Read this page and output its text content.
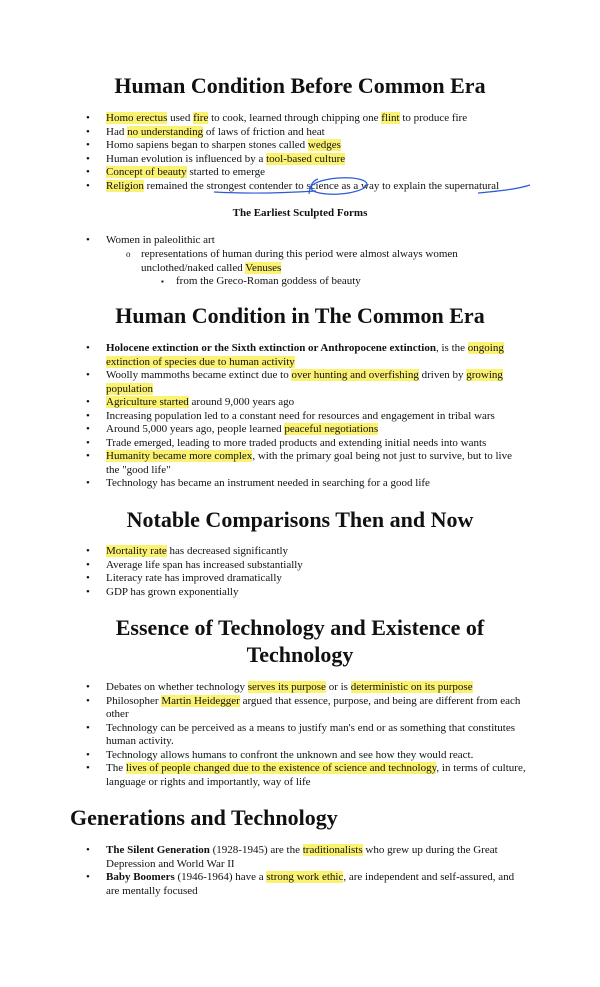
Human Condition Before Common Era
• Homo erectus used fire to cook, learned through chipping one flint to produce fire
• Had no understanding of laws of friction and heat
• Homo sapiens began to sharpen stones called wedges
• Human evolution is influenced by a tool-based culture
• Concept of beauty started to emerge
• Religion remained the strongest contender to science as a way to explain the supernatural
The Earliest Sculpted Forms
• Women in paleolithic art
o representations of human during this period were almost always women unclothed/naked called Venuses
▪ from the Greco-Roman goddess of beauty
Human Condition in The Common Era
• Holocene extinction or the Sixth extinction or Anthropocene extinction, is the ongoing extinction of species due to human activity
• Woolly mammoths became extinct due to over hunting and overfishing driven by growing population
• Agriculture started around 9,000 years ago
• Increasing population led to a constant need for resources and engagement in tribal wars
• Around 5,000 years ago, people learned peaceful negotiations
• Trade emerged, leading to more traded products and extending initial needs into wants
• Humanity became more complex, with the primary goal being not just to survive, but to live the "good life"
• Technology has became an instrument needed in searching for a good life
Notable Comparisons Then and Now
• Mortality rate has decreased significantly
• Average life span has increased substantially
• Literacy rate has improved dramatically
• GDP has grown exponentially
Essence of Technology and Existence of
Technology
• Debates on whether technology serves its purpose or is deterministic on its purpose
• Philosopher Martin Heidegger argued that essence, purpose, and being are different from each other
• Technology can be perceived as a means to justify man's end or as something that constitutes human activity.
• Technology allows humans to confront the unknown and see how they would react.
• The lives of people changed due to the existence of science and technology, in terms of culture, language or rights and importantly, way of life
Generations and Technology
• The Silent Generation (1928-1945) are the traditionalists who grew up during the Great Depression and World War II
• Baby Boomers (1946-1964) have a strong work ethic, are independent and self-assured, and are mentally focused
